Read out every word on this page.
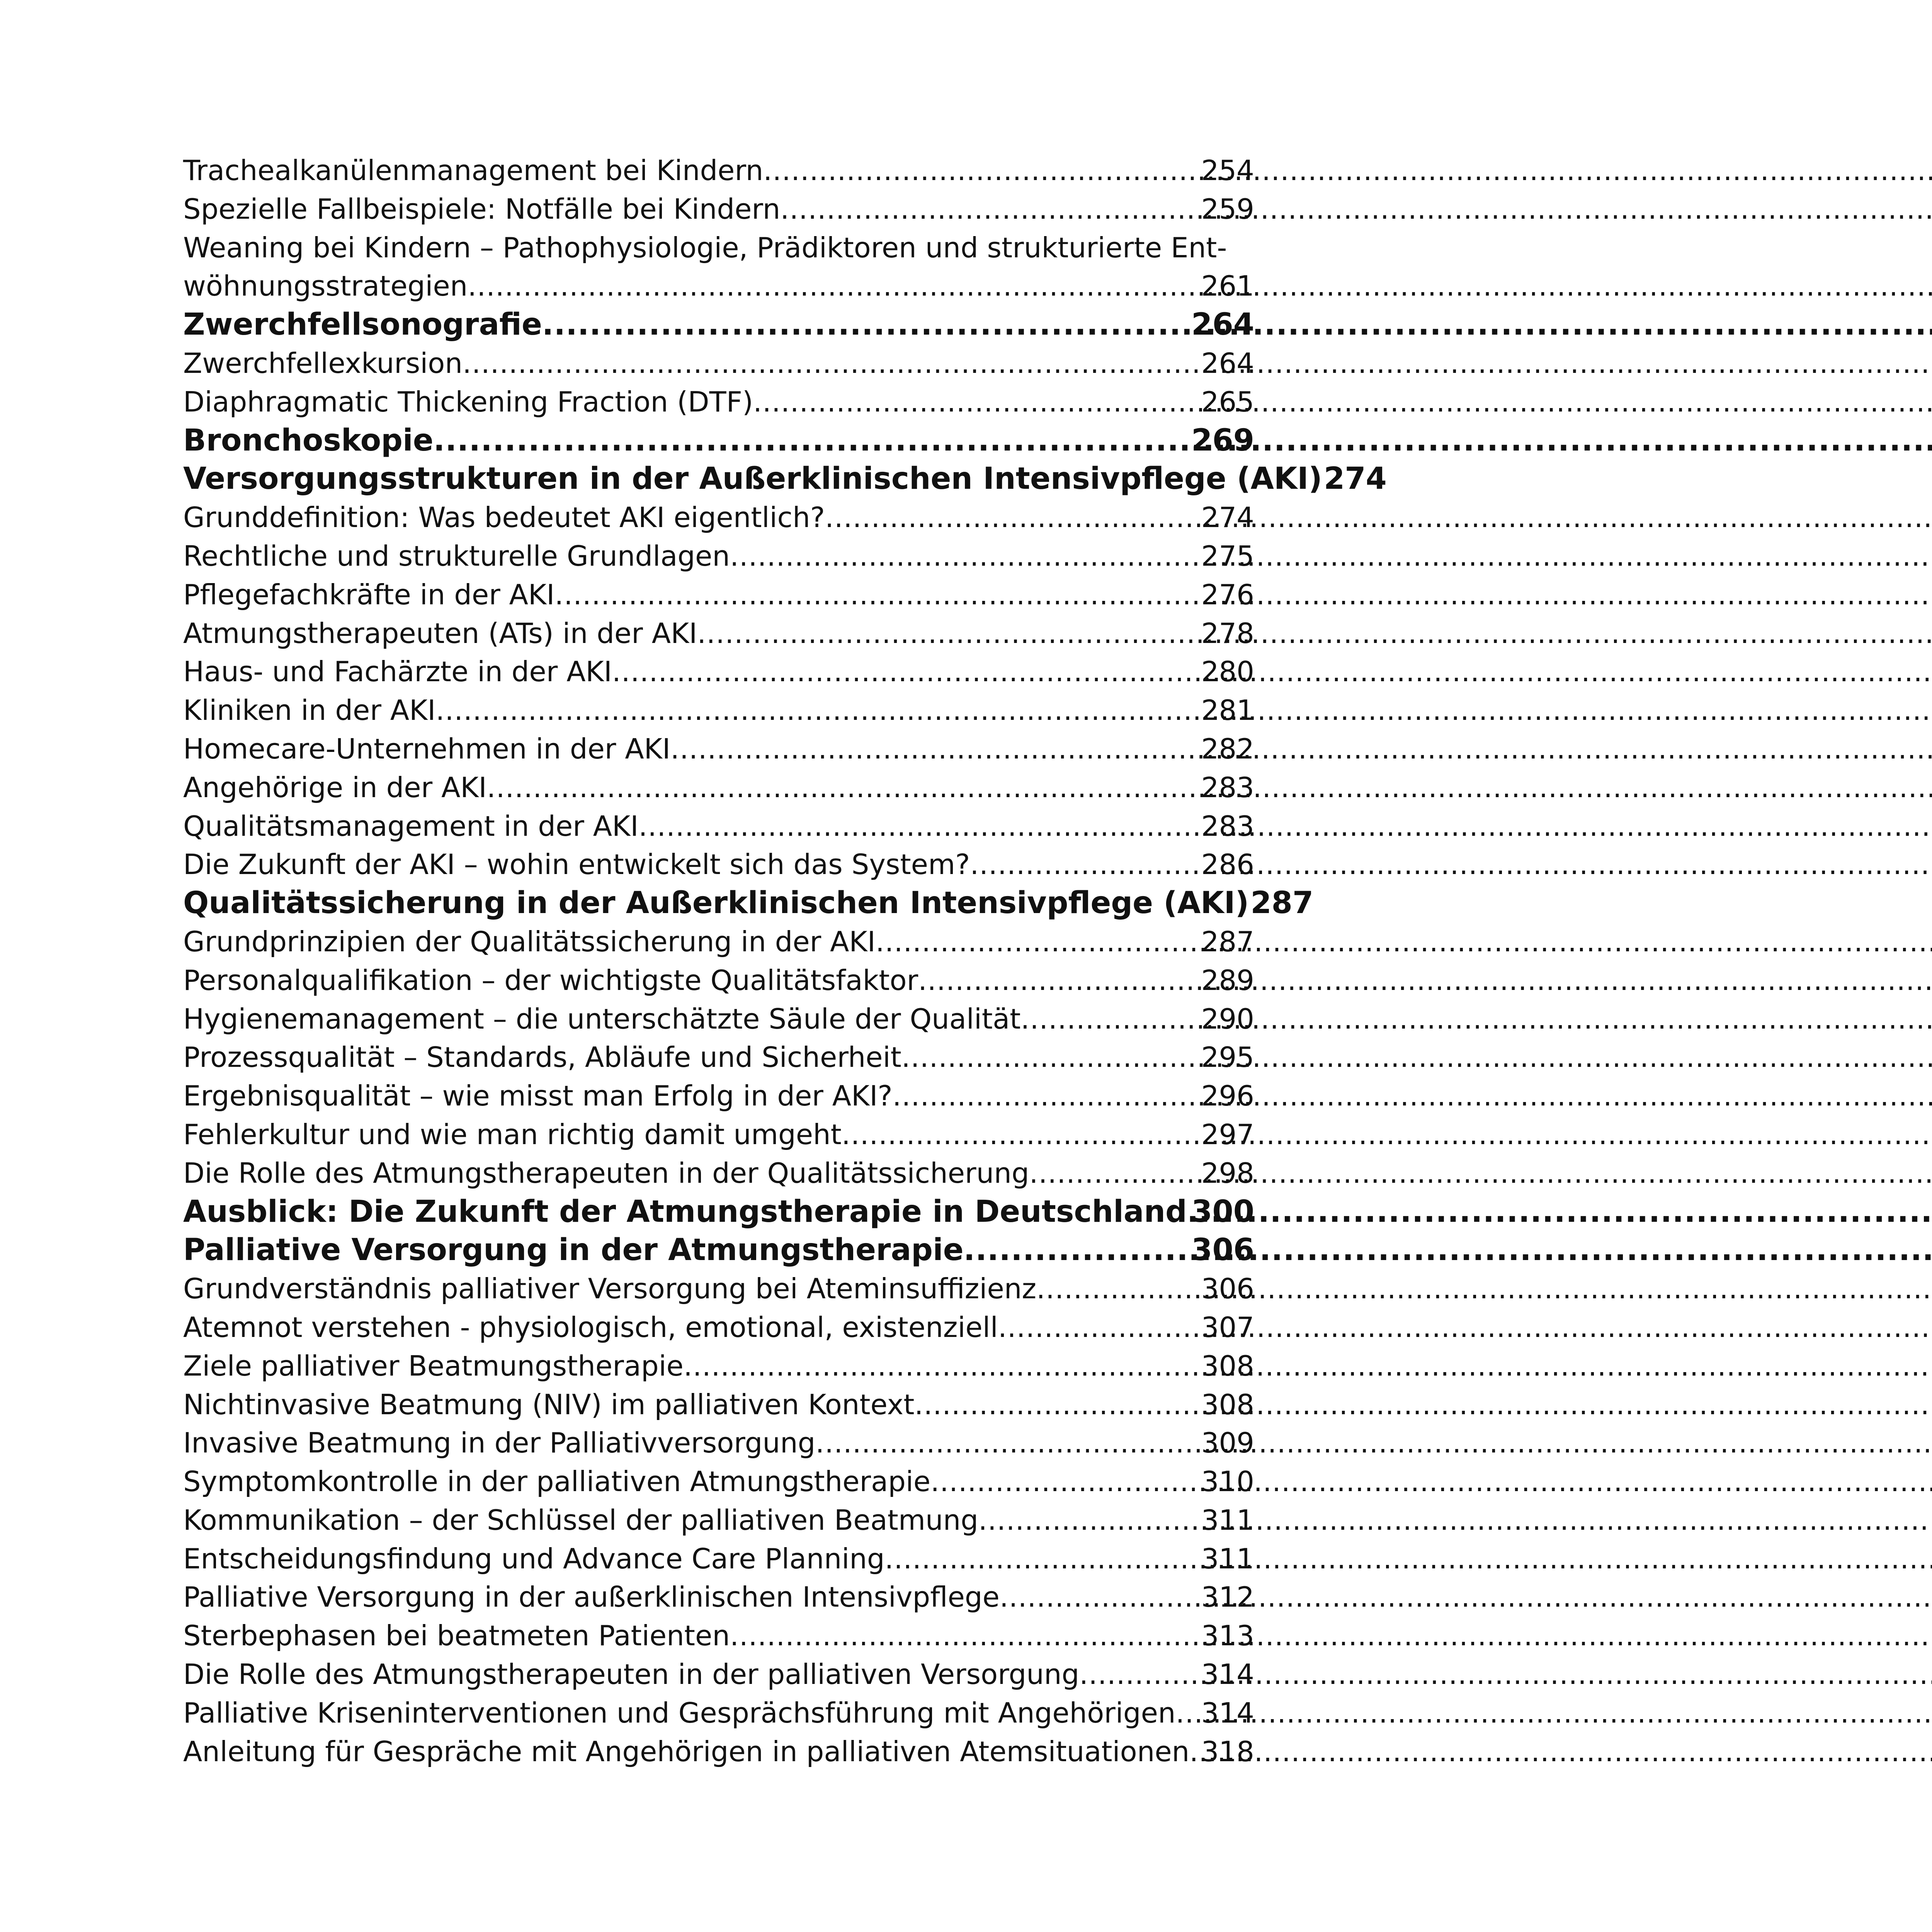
Trachealkanülenmanagement bei Kindern .....	254
Spezielle Fallbeispiele: Notfälle bei Kindern .....	259
Weaning bei Kindern – Pathophysiologie, Prädiktoren und strukturierte Ent-
wöhnungsstrategien .....	261
Zwerchfellsonografie .....	264
Zwerchfellexkursion .....	264
Diaphragmatic Thickening Fraction (DTF) .....	265
Bronchoskopie .....	269
Versorgungsstrukturen in der Außerklinischen Intensivpflege (AKI) 274
Grunddefinition: Was bedeutet AKI eigentlich? .....	274
Rechtliche und strukturelle Grundlagen .....	275
Pflegefachkräfte in der AKI .....	276
Atmungstherapeuten (ATs) in der AKI .....	278
Haus- und Fachärzte in der AKI .....	280
Kliniken in der AKI .....	281
Homecare-Unternehmen in der AKI .....	282
Angehörige in der AKI .....	283
Qualitätsmanagement in der AKI .....	283
Die Zukunft der AKI – wohin entwickelt sich das System? .....	286
Qualitätssicherung in der Außerklinischen Intensivpflege (AKI) 287
Grundprinzipien der Qualitätssicherung in der AKI .....	287
Personalqualifikation – der wichtigste Qualitätsfaktor .....	289
Hygienemanagement – die unterschätzte Säule der Qualität .....	290
Prozessqualität – Standards, Abläufe und Sicherheit .....	295
Ergebnisqualität – wie misst man Erfolg in der AKI? .....	296
Fehlerkultur und wie man richtig damit umgeht .....	297
Die Rolle des Atmungstherapeuten in der Qualitätssicherung .....	298
Ausblick: Die Zukunft der Atmungstherapie in Deutschland ..... 300
Palliative Versorgung in der Atmungstherapie .....	306
Grundverständnis palliativer Versorgung bei Ateminsuffizienz .....	306
Atemnot verstehen - physiologisch, emotional, existenziell .....	307
Ziele palliativer Beatmungstherapie .....	308
Nichtinvasive Beatmung (NIV) im palliativen Kontext .....	308
Invasive Beatmung in der Palliativversorgung .....	309
Symptomkontrolle in der palliativen Atmungstherapie .....	310
Kommunikation – der Schlüssel der palliativen Beatmung .....	311
Entscheidungsfindung und Advance Care Planning .....	311
Palliative Versorgung in der außerklinischen Intensivpflege .....	312
Sterbephasen bei beatmeten Patienten .....	313
Die Rolle des Atmungstherapeuten in der palliativen Versorgung .....	314
Palliative Kriseninterventionen und Gesprächsführung mit Angehörigen ..... 314
Anleitung für Gespräche mit Angehörigen in palliativen Atemsituationen ..... 318
